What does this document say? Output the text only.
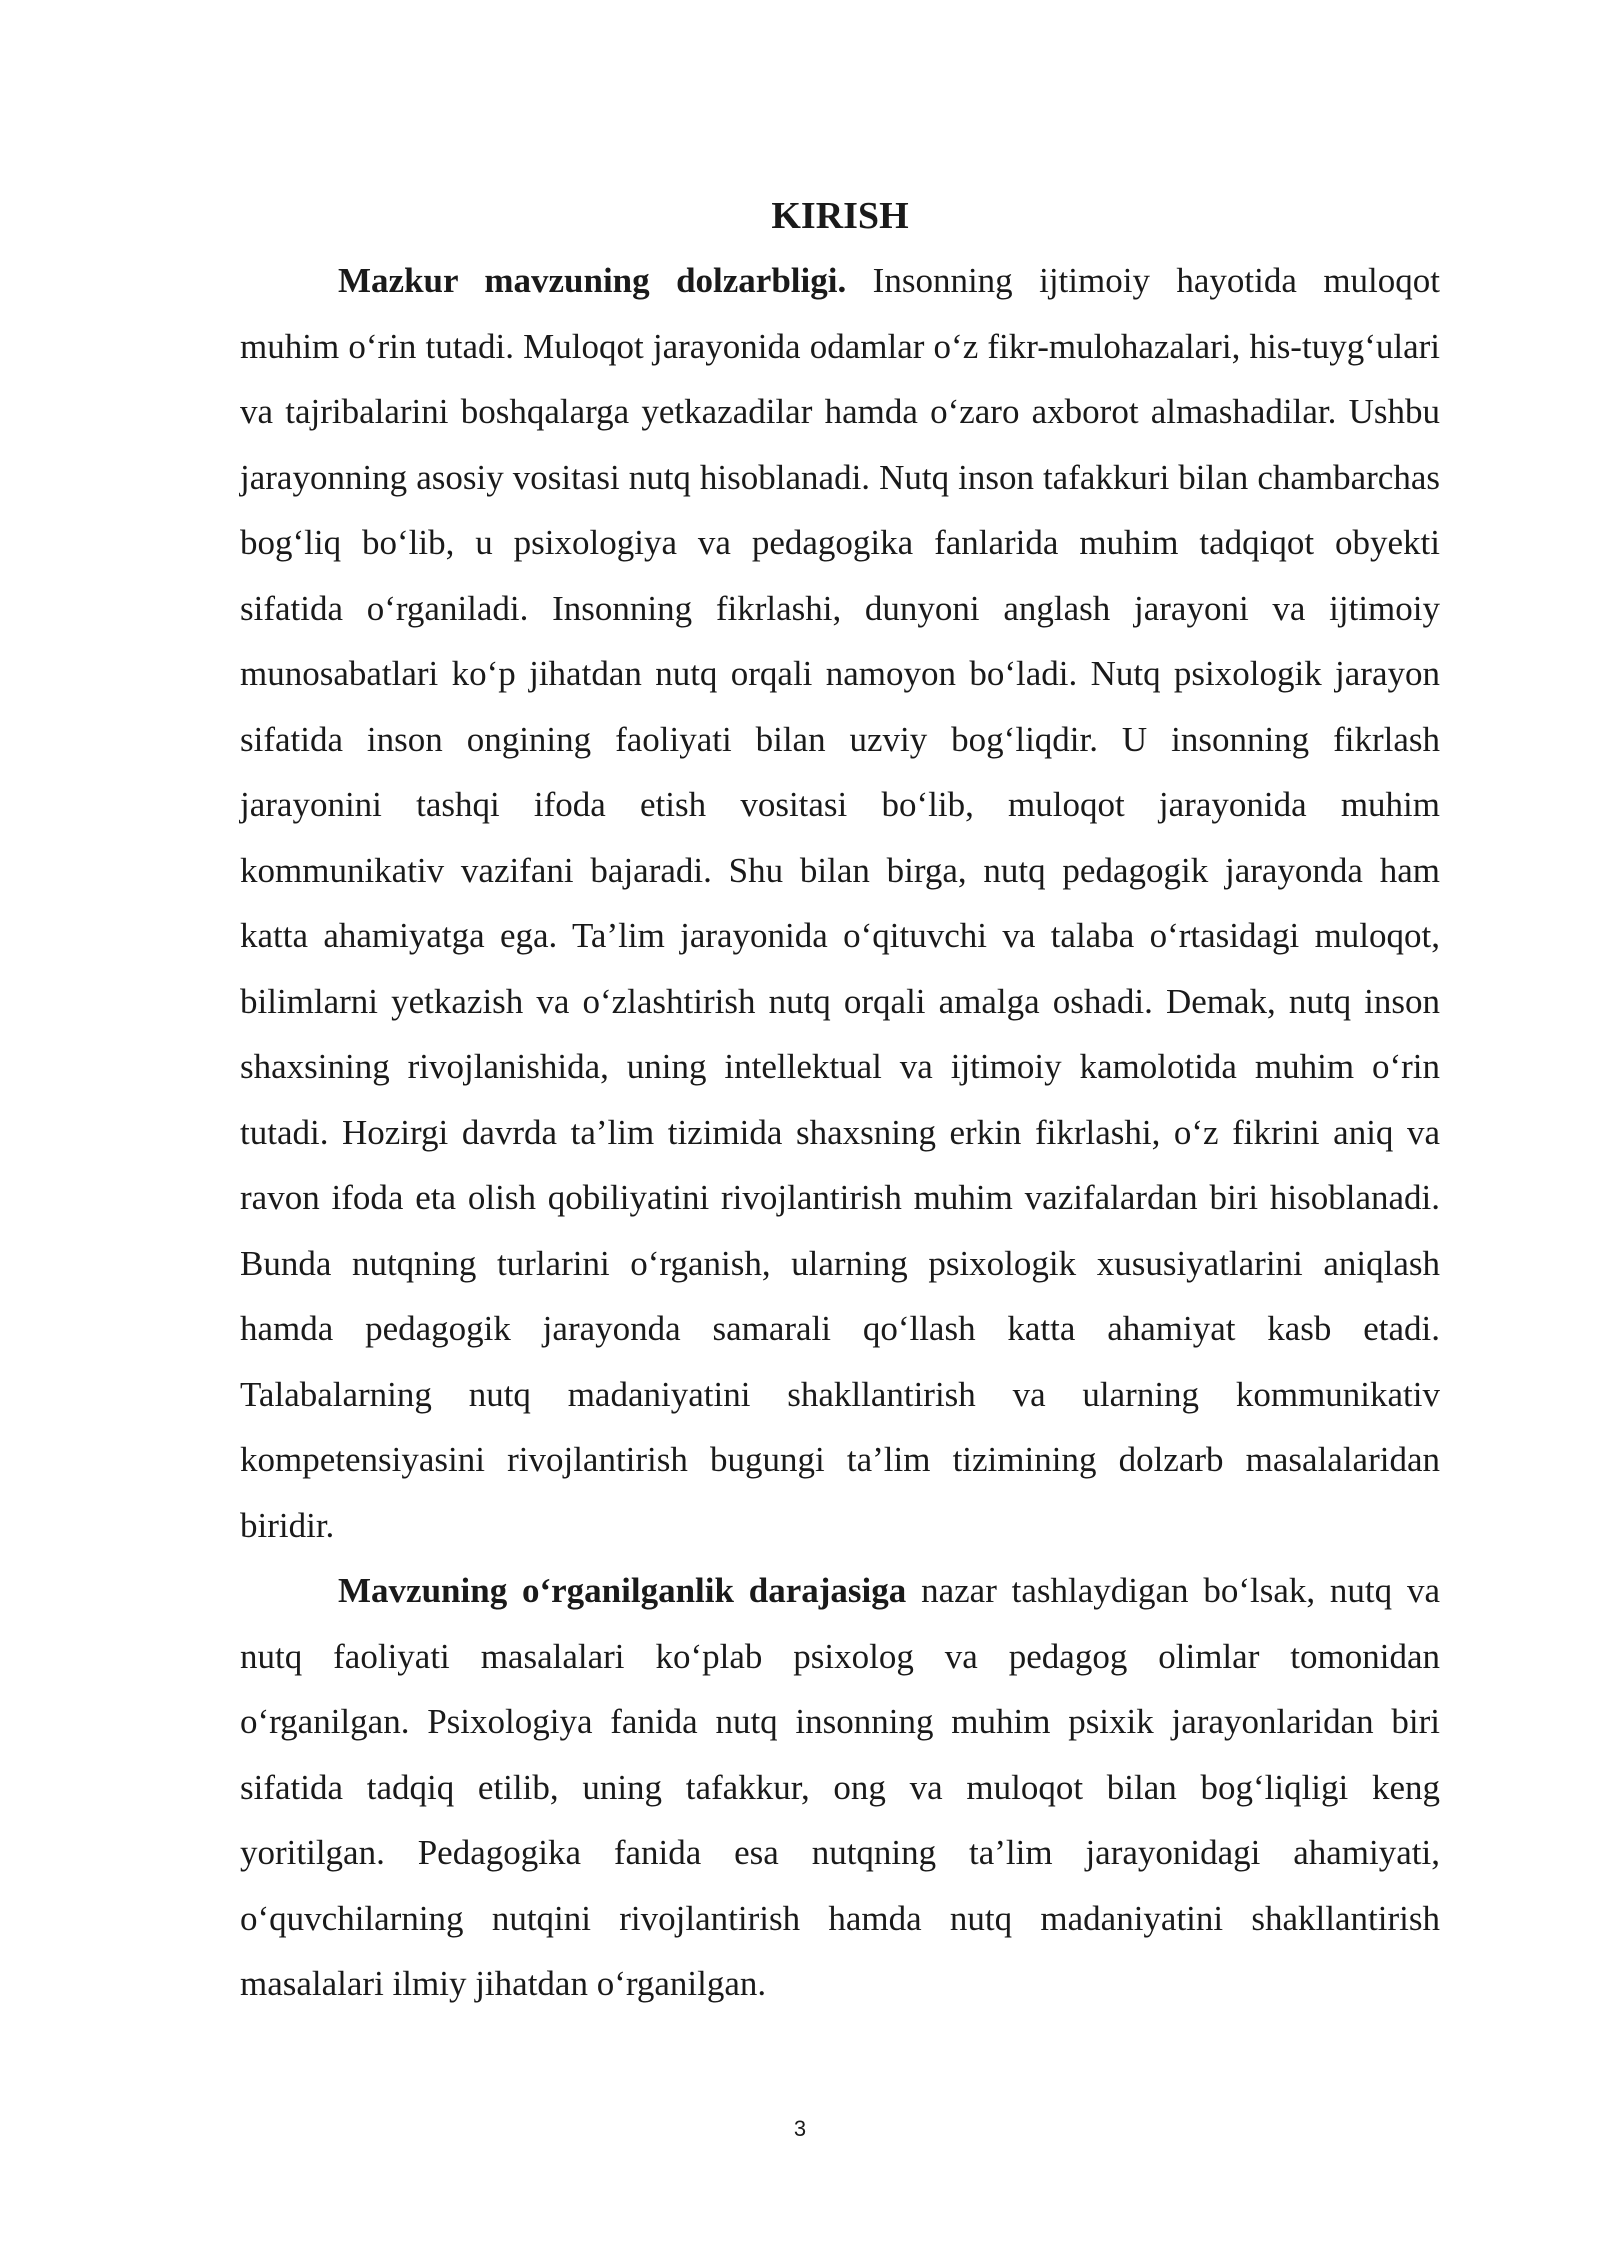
KIRISH

Mazkur mavzuning dolzarbligi. Insonning ijtimoiy hayotida muloqot muhim o‘rin tutadi. Muloqot jarayonida odamlar o‘z fikr-mulohazalari, his-tuyg‘ulari va tajribalarini boshqalarga yetkazadilar hamda o‘zaro axborot almashadilar. Ushbu jarayonning asosiy vositasi nutq hisoblanadi. Nutq inson tafakkuri bilan chambarchas bog‘liq bo‘lib, u psixologiya va pedagogika fanlarida muhim tadqiqot obyekti sifatida o‘rganiladi. Insonning fikrlashi, dunyoni anglash jarayoni va ijtimoiy munosabatlari ko‘p jihatdan nutq orqali namoyon bo‘ladi. Nutq psixologik jarayon sifatida inson ongining faoliyati bilan uzviy bog‘liqdir. U insonning fikrlash jarayonini tashqi ifoda etish vositasi bo‘lib, muloqot jarayonida muhim kommunikativ vazifani bajaradi. Shu bilan birga, nutq pedagogik jarayonda ham katta ahamiyatga ega. Ta’lim jarayonida o‘qituvchi va talaba o‘rtasidagi muloqot, bilimlarni yetkazish va o‘zlashtirish nutq orqali amalga oshadi. Demak, nutq inson shaxsining rivojlanishida, uning intellektual va ijtimoiy kamolotida muhim o‘rin tutadi. Hozirgi davrda ta’lim tizimida shaxsning erkin fikrlashi, o‘z fikrini aniq va ravon ifoda eta olish qobiliyatini rivojlantirish muhim vazifalardan biri hisoblanadi. Bunda nutqning turlarini o‘rganish, ularning psixologik xususiyatlarini aniqlash hamda pedagogik jarayonda samarali qo‘llash katta ahamiyat kasb etadi. Talabalarning nutq madaniyatini shakllantirish va ularning kommunikativ kompetensiyasini rivojlantirish bugungi ta’lim tizimining dolzarb masalalaridan biridir.

Mavzuning o‘rganilganlik darajasiga nazar tashlaydigan bo‘lsak, nutq va nutq faoliyati masalalari ko‘plab psixolog va pedagog olimlar tomonidan o‘rganilgan. Psixologiya fanida nutq insonning muhim psixik jarayonlaridan biri sifatida tadqiq etilib, uning tafakkur, ong va muloqot bilan bog‘liqligi keng yoritilgan. Pedagogika fanida esa nutqning ta’lim jarayonidagi ahamiyati, o‘quvchilarning nutqini rivojlantirish hamda nutq madaniyatini shakllantirish masalalari ilmiy jihatdan o‘rganilgan.

3
